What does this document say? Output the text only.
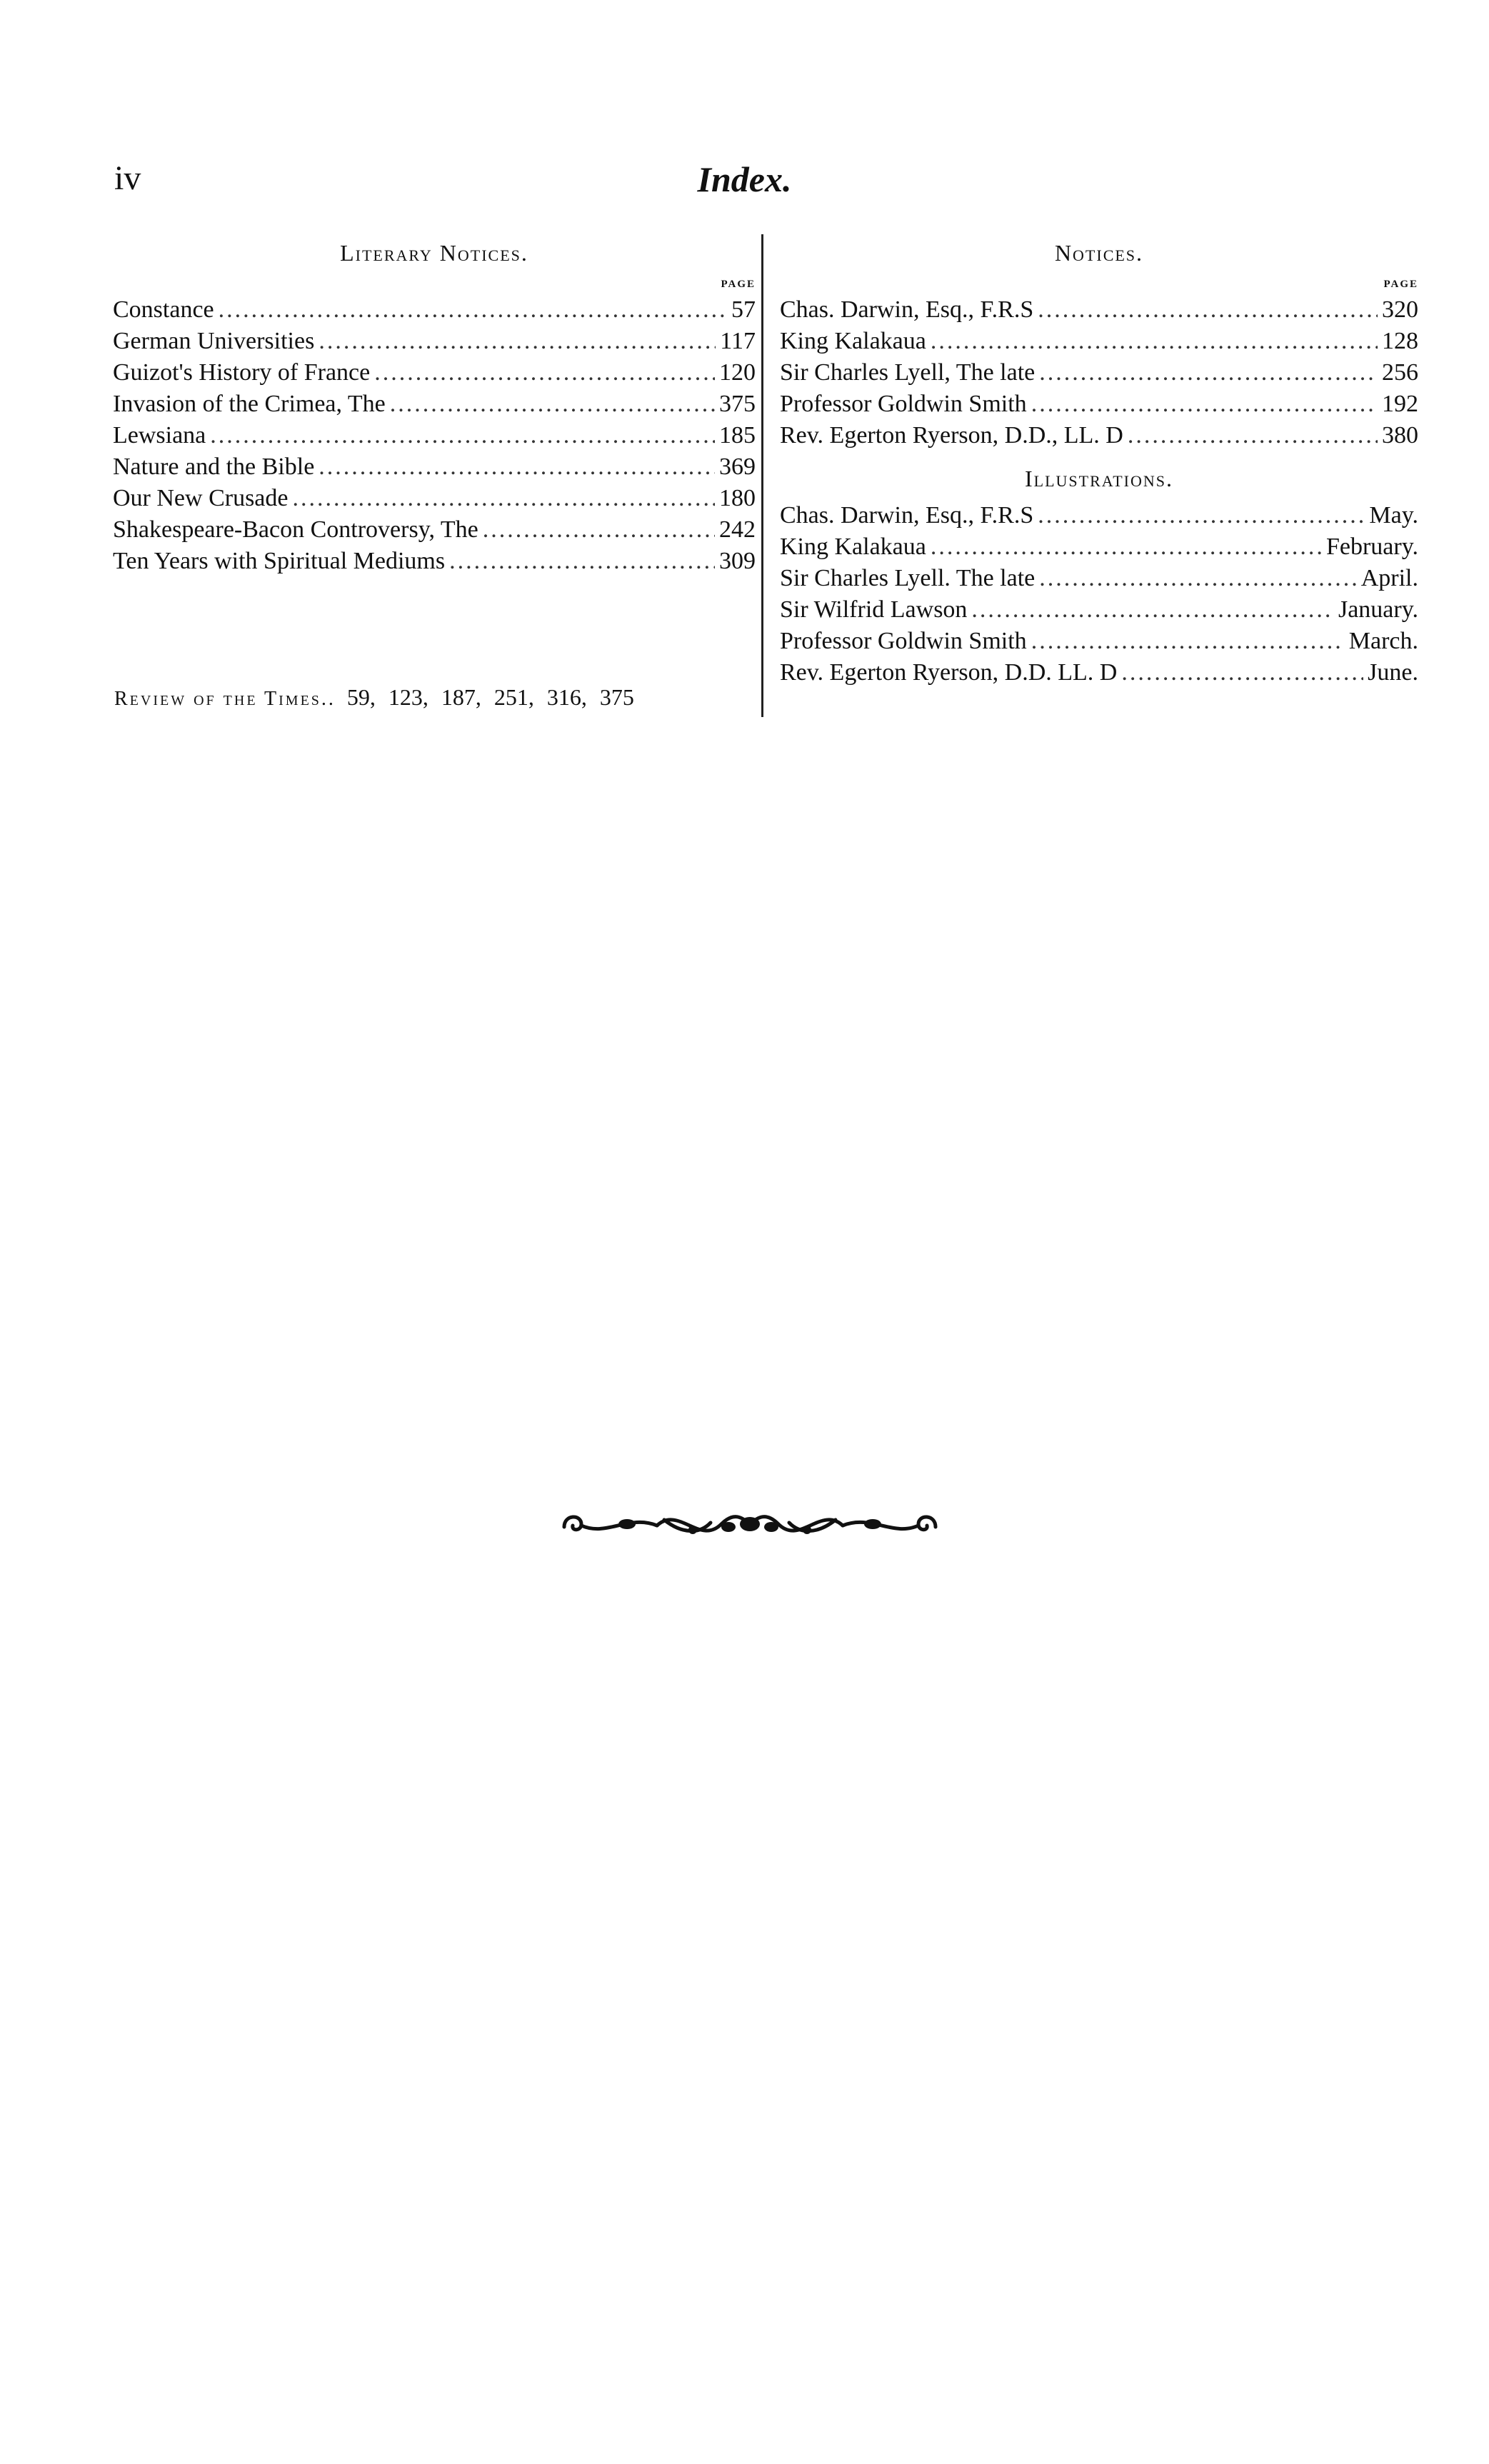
iv	Index.
Literary Notices.
page
Constance .....	57
German Universities .....	117
Guizot's History of France .....	120
Invasion of the Crimea, The .....	375
Lewsiana .....	185
Nature and the Bible .....	369
Our New Crusade .....	180
Shakespeare-Bacon Controversy, The .....	242
Ten Years with Spiritual Mediums .....	309
Review of the Times.. 59, 123, 187, 251, 316, 375
Notices.
page
Chas. Darwin, Esq., F.R.S .....	320
King Kalakaua .....	128
Sir Charles Lyell, The late .....	256
Professor Goldwin Smith .....	192
Rev. Egerton Ryerson, D.D., LL. D .....	380
Illustrations.
Chas. Darwin, Esq., F.R.S .....	May.
King Kalakaua .....	February.
Sir Charles Lyell. The late .....	April.
Sir Wilfrid Lawson .....	January.
Professor Goldwin Smith .....	March.
Rev. Egerton Ryerson, D.D. LL. D .....	June.
